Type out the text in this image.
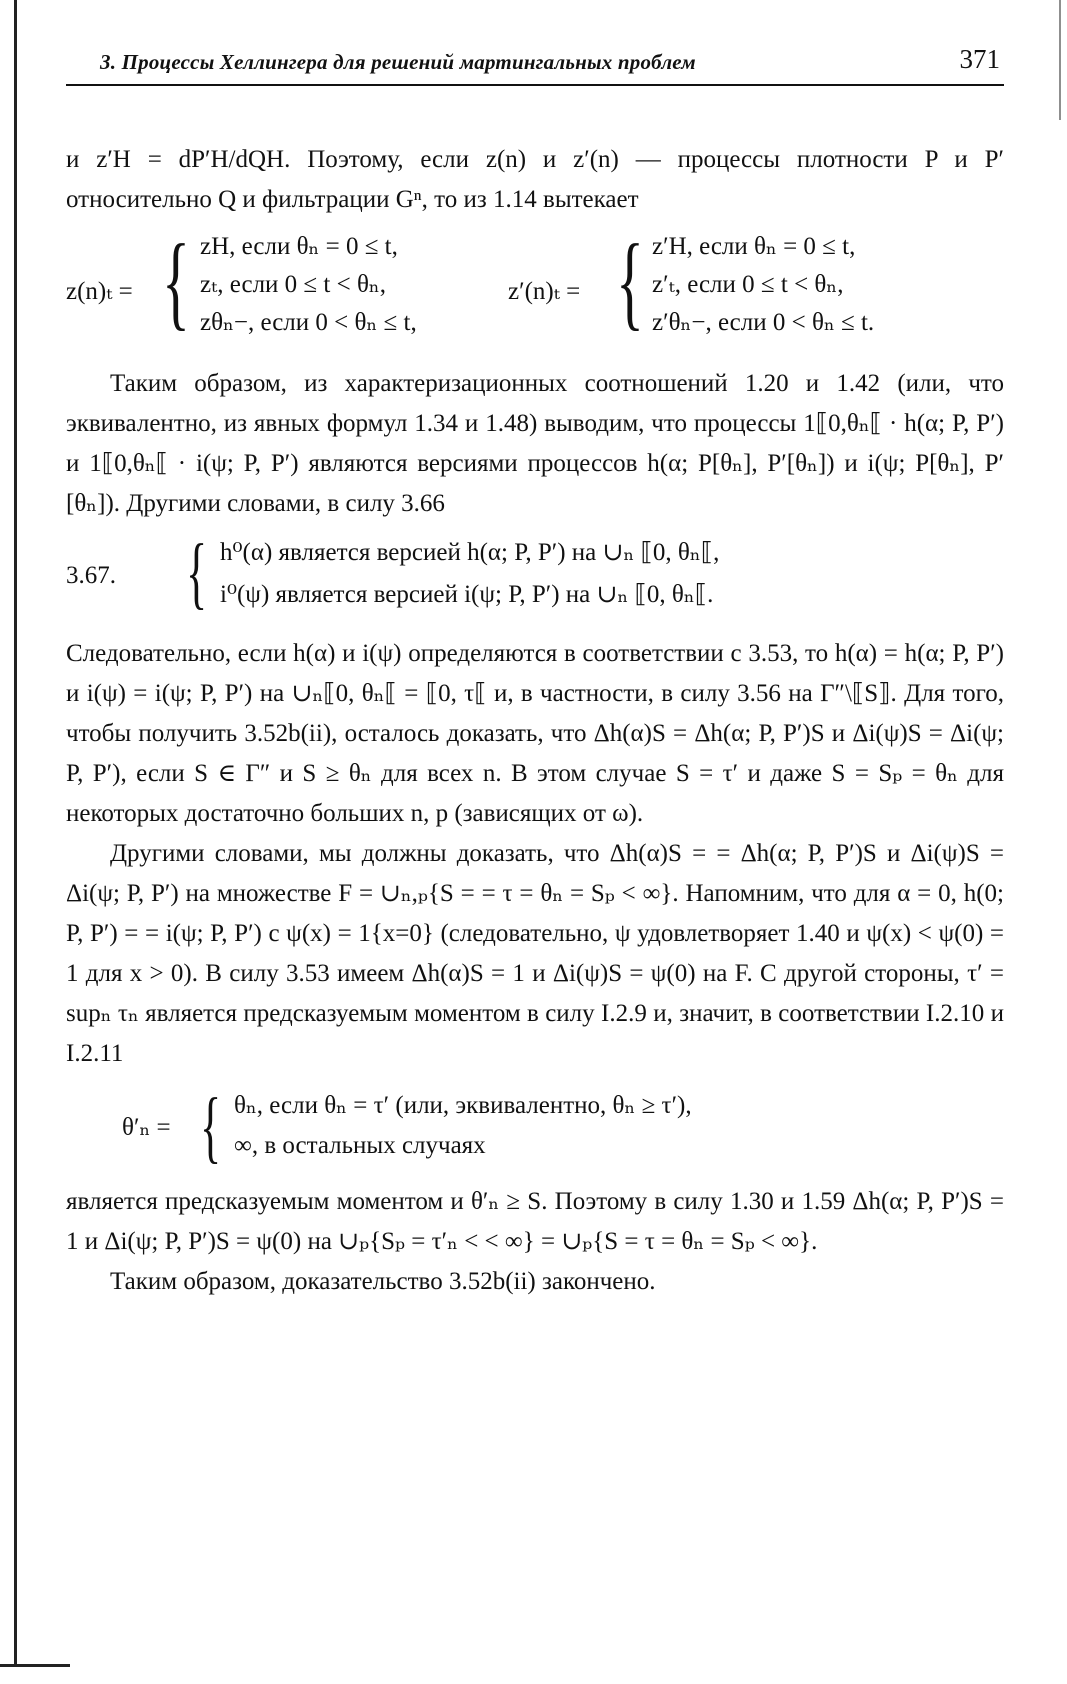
3. Процессы Хеллингера для решений мартингальных проблем	371

и z′H = dP′H/dQH. Поэтому, если z(n) и z′(n) — процессы плотности P и P′ относительно Q и фильтрации Gⁿ, то из 1.14 вытекает

z(n)ₜ = { zH, если θₙ = 0 ≤ t,
zₜ, если 0 ≤ t < θₙ,
zθₙ−, если 0 < θₙ ≤ t,
z′(n)ₜ = { z′H, если θₙ = 0 ≤ t,
z′ₜ, если 0 ≤ t < θₙ,
z′θₙ−, если 0 < θₙ ≤ t.

Таким образом, из характеризационных соотношений 1.20 и 1.42 (или, что эквивалентно, из явных формул 1.34 и 1.48) выводим, что процессы 1⟦0,θₙ⟦ · h(α; P, P′) и 1⟦0,θₙ⟦ · i(ψ; P, P′) являются версиями процессов h(α; P[θₙ], P′[θₙ]) и i(ψ; P[θₙ], P′[θₙ]). Другими словами, в силу 3.66

3.67. { h⁰(α) является версией h(α; P, P′) на ∪ₙ ⟦0, θₙ⟦,
i⁰(ψ) является версией i(ψ; P, P′) на ∪ₙ ⟦0, θₙ⟦.

Следовательно, если h(α) и i(ψ) определяются в соответствии с 3.53, то h(α) = h(α; P, P′) и i(ψ) = i(ψ; P, P′) на ∪ₙ⟦0, θₙ⟦ = ⟦0, τ⟦ и, в частности, в силу 3.56 на Γ″\⟦S⟧. Для того, чтобы получить 3.52b(ii), осталось доказать, что Δh(α)S = Δh(α; P, P′)S и Δi(ψ)S = Δi(ψ; P, P′), если S ∈ Γ″ и S ≥ θₙ для всех n. В этом случае S = τ′ и даже S = Sₚ = θₙ для некоторых достаточно больших n, p (зависящих от ω).

Другими словами, мы должны доказать, что Δh(α)S = = Δh(α; P, P′)S и Δi(ψ)S = Δi(ψ; P, P′) на множестве F = ∪ₙ,ₚ{S = = τ = θₙ = Sₚ < ∞}. Напомним, что для α = 0, h(0; P, P′) = = i(ψ; P, P′) с ψ(x) = 1{x=0} (следовательно, ψ удовлетворяет 1.40 и ψ(x) < ψ(0) = 1 для x > 0). В силу 3.53 имеем Δh(α)S = 1 и Δi(ψ)S = ψ(0) на F. С другой стороны, τ′ = supₙ τₙ является предсказуемым моментом в силу I.2.9 и, значит, в соответствии I.2.10 и I.2.11

θ′ₙ = { θₙ, если θₙ = τ′ (или, эквивалентно, θₙ ≥ τ′),
∞, в остальных случаях

является предсказуемым моментом и θ′ₙ ≥ S. Поэтому в силу 1.30 и 1.59 Δh(α; P, P′)S = 1 и Δi(ψ; P, P′)S = ψ(0) на ∪ₚ{Sₚ = τ′ₙ < < ∞} = ∪ₚ{S = τ = θₙ = Sₚ < ∞}.

Таким образом, доказательство 3.52b(ii) закончено.
